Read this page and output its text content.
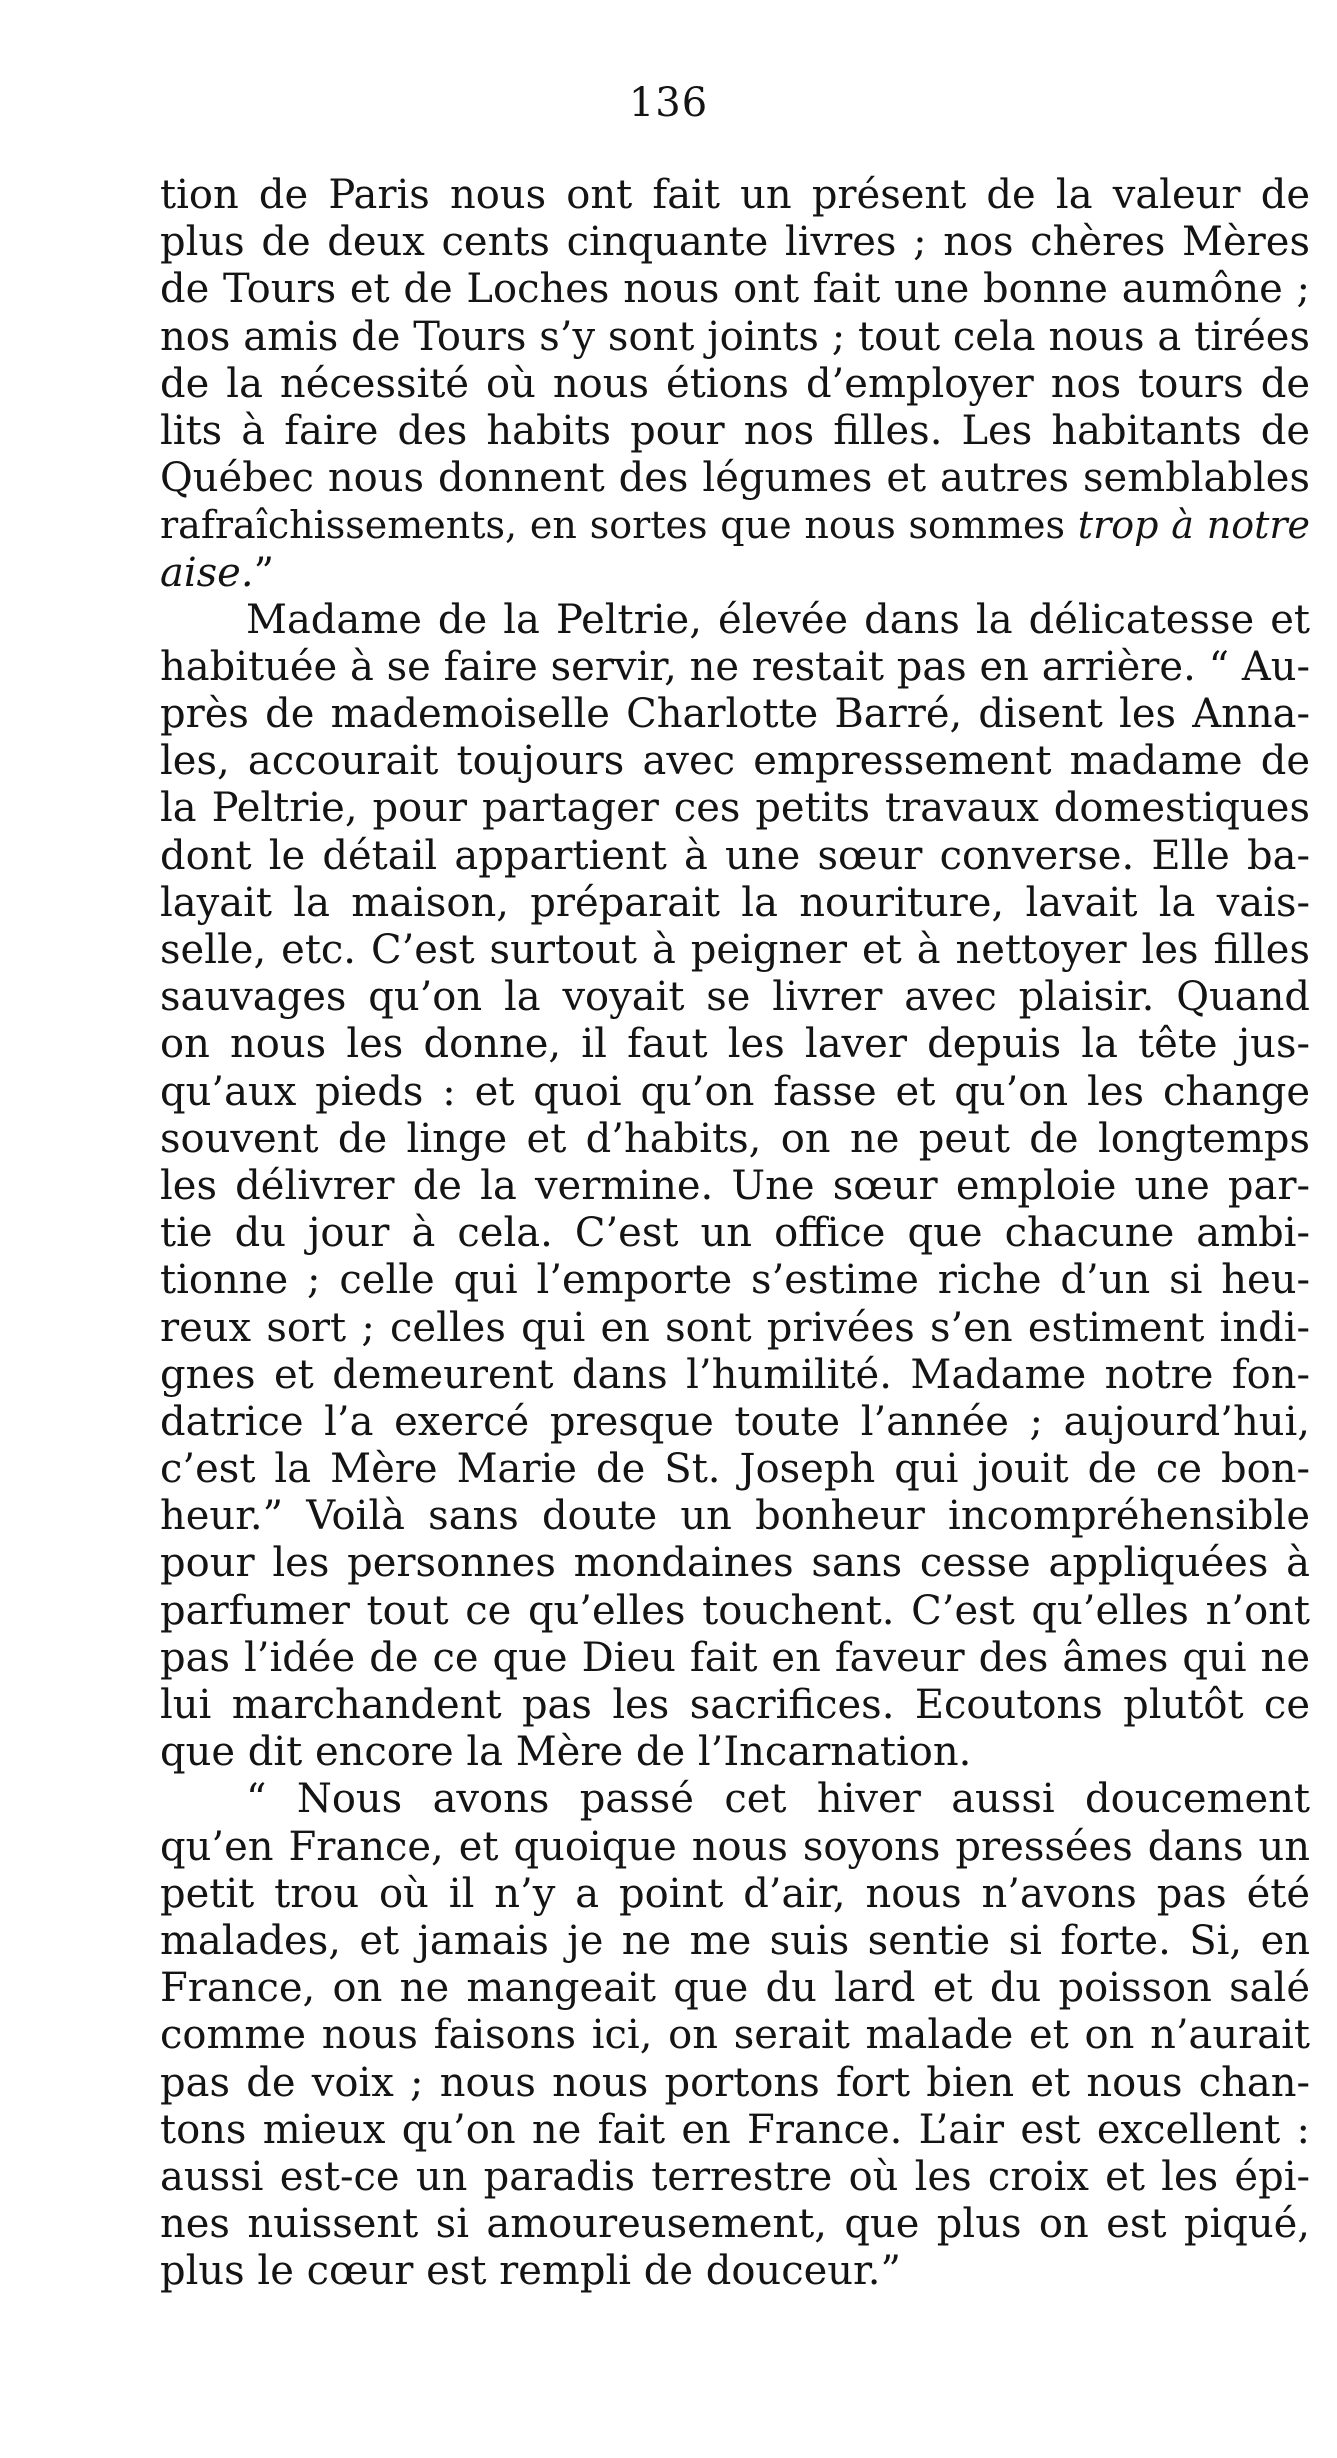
136
tion de Paris nous ont fait un présent de la valeur de
plus de deux cents cinquante livres ; nos chères Mères
de Tours et de Loches nous ont fait une bonne aumône ;
nos amis de Tours s’y sont joints ; tout cela nous a tirées
de la nécessité où nous étions d’employer nos tours de
lits à faire des habits pour nos filles. Les habitants de
Québec nous donnent des légumes et autres semblables
rafraîchissements, en sortes que nous sommes trop à notre
aise.”
Madame de la Peltrie, élevée dans la délicatesse et
habituée à se faire servir, ne restait pas en arrière. “ Au-
près de mademoiselle Charlotte Barré, disent les Anna-
les, accourait toujours avec empressement madame de
la Peltrie, pour partager ces petits travaux domestiques
dont le détail appartient à une sœur converse. Elle ba-
layait la maison, préparait la nouriture, lavait la vais-
selle, etc. C’est surtout à peigner et à nettoyer les filles
sauvages qu’on la voyait se livrer avec plaisir. Quand
on nous les donne, il faut les laver depuis la tête jus-
qu’aux pieds : et quoi qu’on fasse et qu’on les change
souvent de linge et d’habits, on ne peut de longtemps
les délivrer de la vermine. Une sœur emploie une par-
tie du jour à cela. C’est un office que chacune ambi-
tionne ; celle qui l’emporte s’estime riche d’un si heu-
reux sort ; celles qui en sont privées s’en estiment indi-
gnes et demeurent dans l’humilité. Madame notre fon-
datrice l’a exercé presque toute l’année ; aujourd’hui,
c’est la Mère Marie de St. Joseph qui jouit de ce bon-
heur.” Voilà sans doute un bonheur incompréhensible
pour les personnes mondaines sans cesse appliquées à
parfumer tout ce qu’elles touchent. C’est qu’elles n’ont
pas l’idée de ce que Dieu fait en faveur des âmes qui ne
lui marchandent pas les sacrifices. Ecoutons plutôt ce
que dit encore la Mère de l’Incarnation.
“ Nous avons passé cet hiver aussi doucement
qu’en France, et quoique nous soyons pressées dans un
petit trou où il n’y a point d’air, nous n’avons pas été
malades, et jamais je ne me suis sentie si forte. Si, en
France, on ne mangeait que du lard et du poisson salé
comme nous faisons ici, on serait malade et on n’aurait
pas de voix ; nous nous portons fort bien et nous chan-
tons mieux qu’on ne fait en France. L’air est excellent :
aussi est-ce un paradis terrestre où les croix et les épi-
nes nuissent si amoureusement, que plus on est piqué,
plus le cœur est rempli de douceur.”
